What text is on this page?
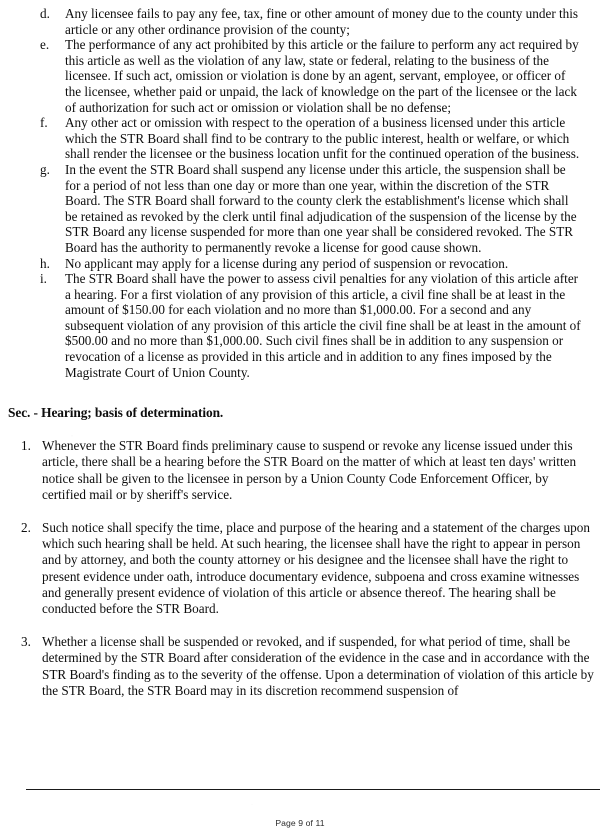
d.	Any licensee fails to pay any fee, tax, fine or other amount of money due to the county under this article or any other ordinance provision of the county;
e.	The performance of any act prohibited by this article or the failure to perform any act required by this article as well as the violation of any law, state or federal, relating to the business of the licensee. If such act, omission or violation is done by an agent, servant, employee, or officer of the licensee, whether paid or unpaid, the lack of knowledge on the part of the licensee or the lack of authorization for such act or omission or violation shall be no defense;
f.	Any other act or omission with respect to the operation of a business licensed under this article which the STR Board shall find to be contrary to the public interest, health or welfare, or which shall render the licensee or the business location unfit for the continued operation of the business.
g.	In the event the STR Board shall suspend any license under this article, the suspension shall be for a period of not less than one day or more than one year, within the discretion of the STR Board. The STR Board shall forward to the county clerk the establishment's license which shall be retained as revoked by the clerk until final adjudication of the suspension of the license by the STR Board any license suspended for more than one year shall be considered revoked. The STR Board has the authority to permanently revoke a license for good cause shown.
h.	No applicant may apply for a license during any period of suspension or revocation.
i.	The STR Board shall have the power to assess civil penalties for any violation of this article after a hearing. For a first violation of any provision of this article, a civil fine shall be at least in the amount of $150.00 for each violation and no more than $1,000.00. For a second and any subsequent violation of any provision of this article the civil fine shall be at least in the amount of $500.00 and no more than $1,000.00. Such civil fines shall be in addition to any suspension or revocation of a license as provided in this article and in addition to any fines imposed by the Magistrate Court of Union County.
Sec. - Hearing; basis of determination.
1. Whenever the STR Board finds preliminary cause to suspend or revoke any license issued under this article, there shall be a hearing before the STR Board on the matter of which at least ten days' written notice shall be given to the licensee in person by a Union County Code Enforcement Officer, by certified mail or by sheriff's service.
2. Such notice shall specify the time, place and purpose of the hearing and a statement of the charges upon which such hearing shall be held. At such hearing, the licensee shall have the right to appear in person and by attorney, and both the county attorney or his designee and the licensee shall have the right to present evidence under oath, introduce documentary evidence, subpoena and cross examine witnesses and generally present evidence of violation of this article or absence thereof. The hearing shall be conducted before the STR Board.
3. Whether a license shall be suspended or revoked, and if suspended, for what period of time, shall be determined by the STR Board after consideration of the evidence in the case and in accordance with the STR Board's finding as to the severity of the offense. Upon a determination of violation of this article by the STR Board, the STR Board may in its discretion recommend suspension of
Page 9 of 11
